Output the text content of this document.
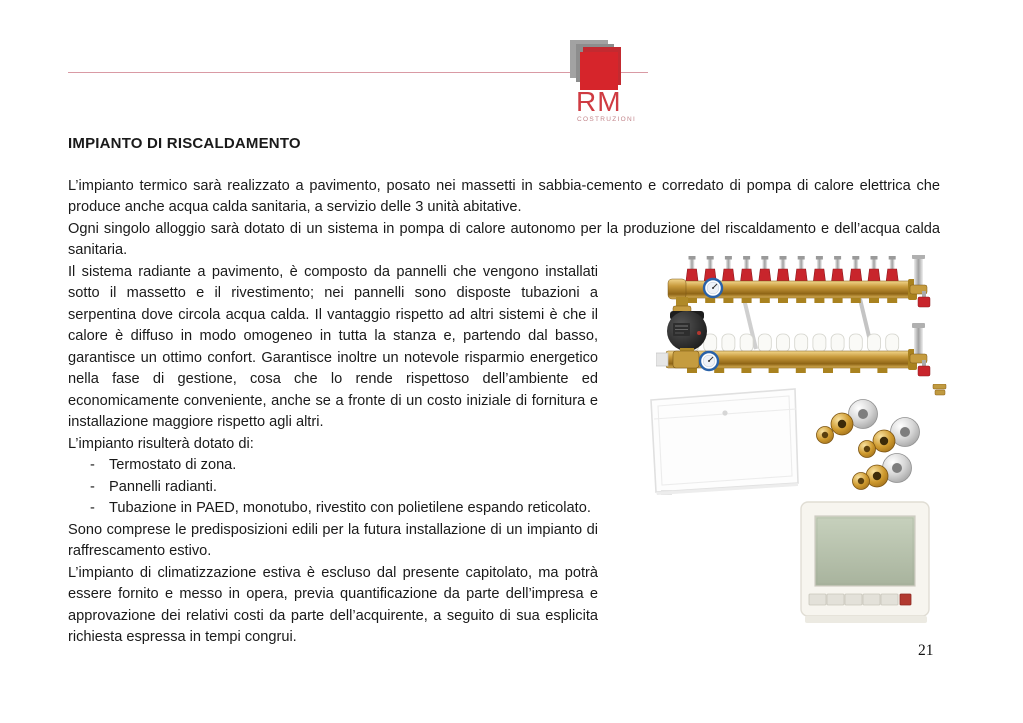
RM
COSTRUZIONI
IMPIANTO DI RISCALDAMENTO

L’impianto termico sarà realizzato a pavimento, posato nei massetti in sabbia-cemento e corredato di pompa di calore elettrica che produce anche acqua calda sanitaria, a servizio delle 3 unità abitative.

Ogni singolo alloggio sarà dotato di un sistema in pompa di calore autonomo per la produzione del riscaldamento e dell’acqua calda sanitaria.

Il sistema radiante a pavimento, è composto da pannelli che vengono installati sotto il massetto e il rivestimento; nei pannelli sono disposte tubazioni a serpentina dove circola acqua calda. Il vantaggio rispetto ad altri sistemi è che il calore è diffuso in modo omogeneo in tutta la stanza e, partendo dal basso, garantisce un ottimo confort. Garantisce inoltre un notevole risparmio energetico nella fase di gestione, cosa che lo rende rispettoso dell’ambiente ed economicamente conveniente, anche se a fronte di un costo iniziale di fornitura e installazione maggiore rispetto agli altri.

L’impianto risulterà dotato di:

- Termostato di zona.
- Pannelli radianti.
- Tubazione in PAED, monotubo, rivestito con polietilene espando reticolato.

Sono comprese le predisposizioni edili per la futura installazione di un impianto di raffrescamento estivo.

L’impianto di climatizzazione estiva è escluso dal presente capitolato, ma potrà essere fornito e messo in opera, previa quantificazione da parte dell’impresa e approvazione dei relativi costi da parte dell’acquirente, a seguito di sua esplicita richiesta espressa in tempi congrui.

21
